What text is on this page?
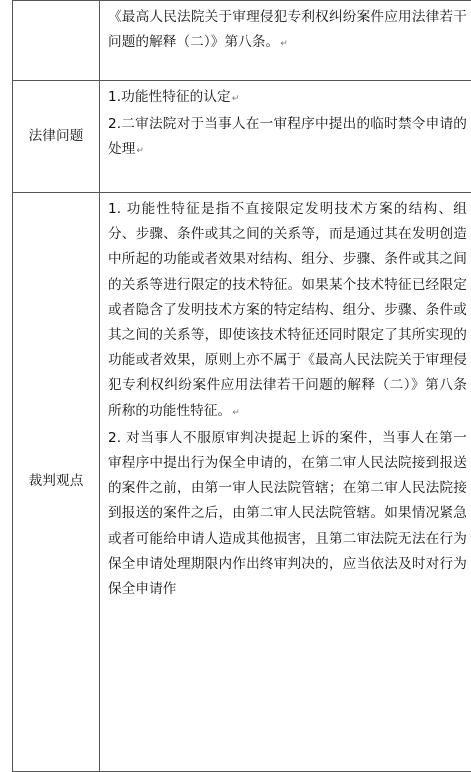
	《最高人民法院关于审理侵犯专利权纠纷案件应用法律若干问题的解释（二）》第八条。↵

法律问题	1.功能性特征的认定↵
2.二审法院对于当事人在一审程序中提出的临时禁令申请的处理↵

裁判观点	1. 功能性特征是指不直接限定发明技术方案的结构、组分、步骤、条件或其之间的关系等，而是通过其在发明创造中所起的功能或者效果对结构、组分、步骤、条件或其之间的关系等进行限定的技术特征。如果某个技术特征已经限定或者隐含了发明技术方案的特定结构、组分、步骤、条件或其之间的关系等，即使该技术特征还同时限定了其所实现的功能或者效果，原则上亦不属于《最高人民法院关于审理侵犯专利权纠纷案件应用法律若干问题的解释（二）》第八条所称的功能性特征。↵
2. 对当事人不服原审判决提起上诉的案件，当事人在第一审程序中提出行为保全申请的，在第二审人民法院接到报送的案件之前，由第一审人民法院管辖；在第二审人民法院接到报送的案件之后，由第二审人民法院管辖。如果情况紧急或者可能给申请人造成其他损害，且第二审法院无法在行为保全申请处理期限内作出终审判决的，应当依法及时对行为保全申请作
